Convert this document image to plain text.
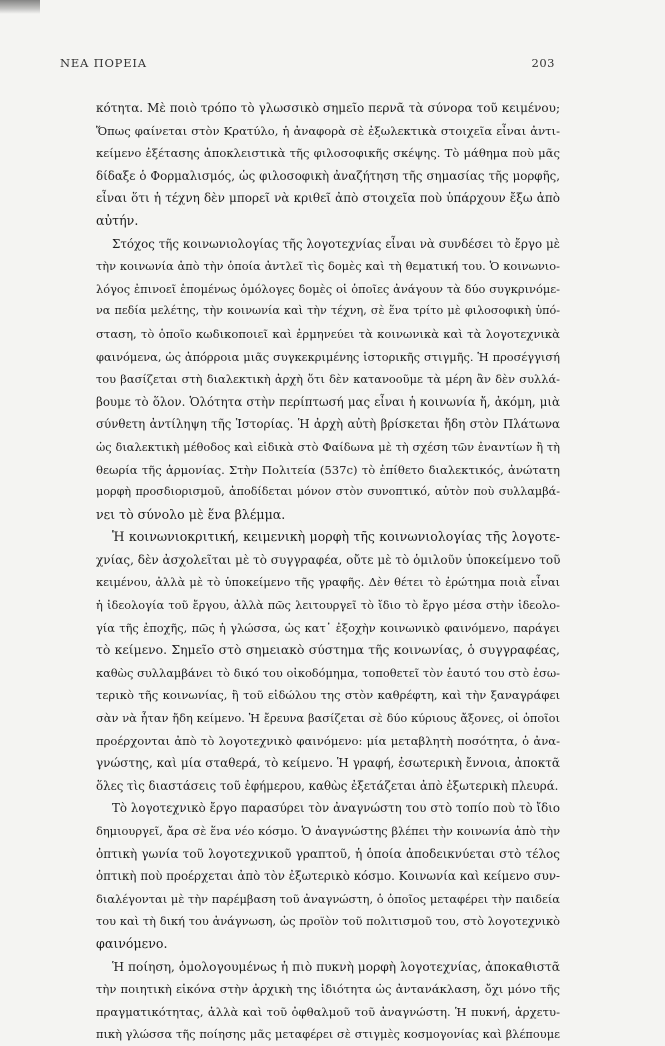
ΝΕΑ ΠΟΡΕΙΑ	203
κότητα. Μὲ ποιὸ τρόπο τὸ γλωσσικὸ σημεῖο περνᾶ τὰ σύνορα τοῦ κειμένου;
Ὅπως φαίνεται στὸν Κρατύλο, ἡ ἀναφορὰ σὲ ἐξωλεκτικὰ στοιχεῖα εἶναι ἀντι-
κείμενο ἐξέτασης ἀποκλειστικὰ τῆς φιλοσοφικῆς σκέψης. Τὸ μάθημα ποὺ μᾶς
δίδαξε ὁ Φορμαλισμός, ὡς φιλοσοφικὴ ἀναζήτηση τῆς σημασίας τῆς μορφῆς,
εἶναι ὅτι ἡ τέχνη δὲν μπορεῖ νὰ κριθεῖ ἀπὸ στοιχεῖα ποὺ ὑπάρχουν ἔξω ἀπὸ
αὐτήν.
Στόχος τῆς κοινωνιολογίας τῆς λογοτεχνίας εἶναι νὰ συνδέσει τὸ ἔργο μὲ
τὴν κοινωνία ἀπὸ τὴν ὁποία ἀντλεῖ τὶς δομὲς καὶ τὴ θεματική του. Ὁ κοινωνιο-
λόγος ἐπινοεῖ ἑπομένως ὁμόλογες δομὲς οἱ ὁποῖες ἀνάγουν τὰ δύο συγκρινόμε-
να πεδία μελέτης, τὴν κοινωνία καὶ τὴν τέχνη, σὲ ἕνα τρίτο μὲ φιλοσοφικὴ ὑπό-
σταση, τὸ ὁποῖο κωδικοποιεῖ καὶ ἑρμηνεύει τὰ κοινωνικὰ καὶ τὰ λογοτεχνικὰ
φαινόμενα, ὡς ἀπόρροια μιᾶς συγκεκριμένης ἱστορικῆς στιγμῆς. Ἡ προσέγγισή
του βασίζεται στὴ διαλεκτικὴ ἀρχὴ ὅτι δὲν κατανοοῦμε τὰ μέρη ἂν δὲν συλλά-
βουμε τὸ ὅλον. Ὁλότητα στὴν περίπτωσή μας εἶναι ἡ κοινωνία ἤ, ἀκόμη, μιὰ
σύνθετη ἀντίληψη τῆς Ἱστορίας. Ἡ ἀρχὴ αὐτὴ βρίσκεται ἤδη στὸν Πλάτωνα
ὡς διαλεκτικὴ μέθοδος καὶ εἰδικὰ στὸ Φαίδωνα μὲ τὴ σχέση τῶν ἐναντίων ἢ τὴ
θεωρία τῆς ἁρμονίας. Στὴν Πολιτεία (537c) τὸ ἐπίθετο διαλεκτικός, ἀνώτατη
μορφὴ προσδιορισμοῦ, ἀποδίδεται μόνον στὸν συνοπτικό, αὐτὸν ποὺ συλλαμβά-
νει τὸ σύνολο μὲ ἕνα βλέμμα.
Ἡ κοινωνιοκριτική, κειμενικὴ μορφὴ τῆς κοινωνιολογίας τῆς λογοτε-
χνίας, δὲν ἀσχολεῖται μὲ τὸ συγγραφέα, οὔτε μὲ τὸ ὁμιλοῦν ὑποκείμενο τοῦ
κειμένου, ἀλλὰ μὲ τὸ ὑποκείμενο τῆς γραφῆς. Δὲν θέτει τὸ ἐρώτημα ποιὰ εἶναι
ἡ ἰδεολογία τοῦ ἔργου, ἀλλὰ πῶς λειτουργεῖ τὸ ἴδιο τὸ ἔργο μέσα στὴν ἰδεολο-
γία τῆς ἐποχῆς, πῶς ἡ γλώσσα, ὡς κατ᾽ ἐξοχὴν κοινωνικὸ φαινόμενο, παράγει
τὸ κείμενο. Σημεῖο στὸ σημειακὸ σύστημα τῆς κοινωνίας, ὁ συγγραφέας,
καθὼς συλλαμβάνει τὸ δικό του οἰκοδόμημα, τοποθετεῖ τὸν ἑαυτό του στὸ ἐσω-
τερικὸ τῆς κοινωνίας, ἢ τοῦ εἰδώλου της στὸν καθρέφτη, καὶ τὴν ξαναγράφει
σὰν νὰ ἦταν ἤδη κείμενο. Ἡ ἔρευνα βασίζεται σὲ δύο κύριους ἄξονες, οἱ ὁποῖοι
προέρχονται ἀπὸ τὸ λογοτεχνικὸ φαινόμενο: μία μεταβλητὴ ποσότητα, ὁ ἀνα-
γνώστης, καὶ μία σταθερά, τὸ κείμενο. Ἡ γραφή, ἐσωτερικὴ ἔννοια, ἀποκτᾶ
ὅλες τὶς διαστάσεις τοῦ ἐφήμερου, καθὼς ἐξετάζεται ἀπὸ ἐξωτερικὴ πλευρά.
Τὸ λογοτεχνικὸ ἔργο παρασύρει τὸν ἀναγνώστη του στὸ τοπίο ποὺ τὸ ἴδιο
δημιουργεῖ, ἄρα σὲ ἕνα νέο κόσμο. Ὁ ἀναγνώστης βλέπει τὴν κοινωνία ἀπὸ τὴν
ὀπτικὴ γωνία τοῦ λογοτεχνικοῦ γραπτοῦ, ἡ ὁποία ἀποδεικνύεται στὸ τέλος
ὀπτικὴ ποὺ προέρχεται ἀπὸ τὸν ἐξωτερικὸ κόσμο. Κοινωνία καὶ κείμενο συν-
διαλέγονται μὲ τὴν παρέμβαση τοῦ ἀναγνώστη, ὁ ὁποῖος μεταφέρει τὴν παιδεία
του καὶ τὴ δική του ἀνάγνωση, ὡς προϊὸν τοῦ πολιτισμοῦ του, στὸ λογοτεχνικὸ
φαινόμενο.
Ἡ ποίηση, ὁμολογουμένως ἡ πιὸ πυκνὴ μορφὴ λογοτεχνίας, ἀποκαθιστᾶ
τὴν ποιητικὴ εἰκόνα στὴν ἀρχικὴ της ἰδιότητα ὡς ἀντανάκλαση, ὄχι μόνο τῆς
πραγματικότητας, ἀλλὰ καὶ τοῦ ὀφθαλμοῦ τοῦ ἀναγνώστη. Ἡ πυκνή, ἀρχετυ-
πικὴ γλώσσα τῆς ποίησης μᾶς μεταφέρει σὲ στιγμὲς κοσμογονίας καὶ βλέπουμε
